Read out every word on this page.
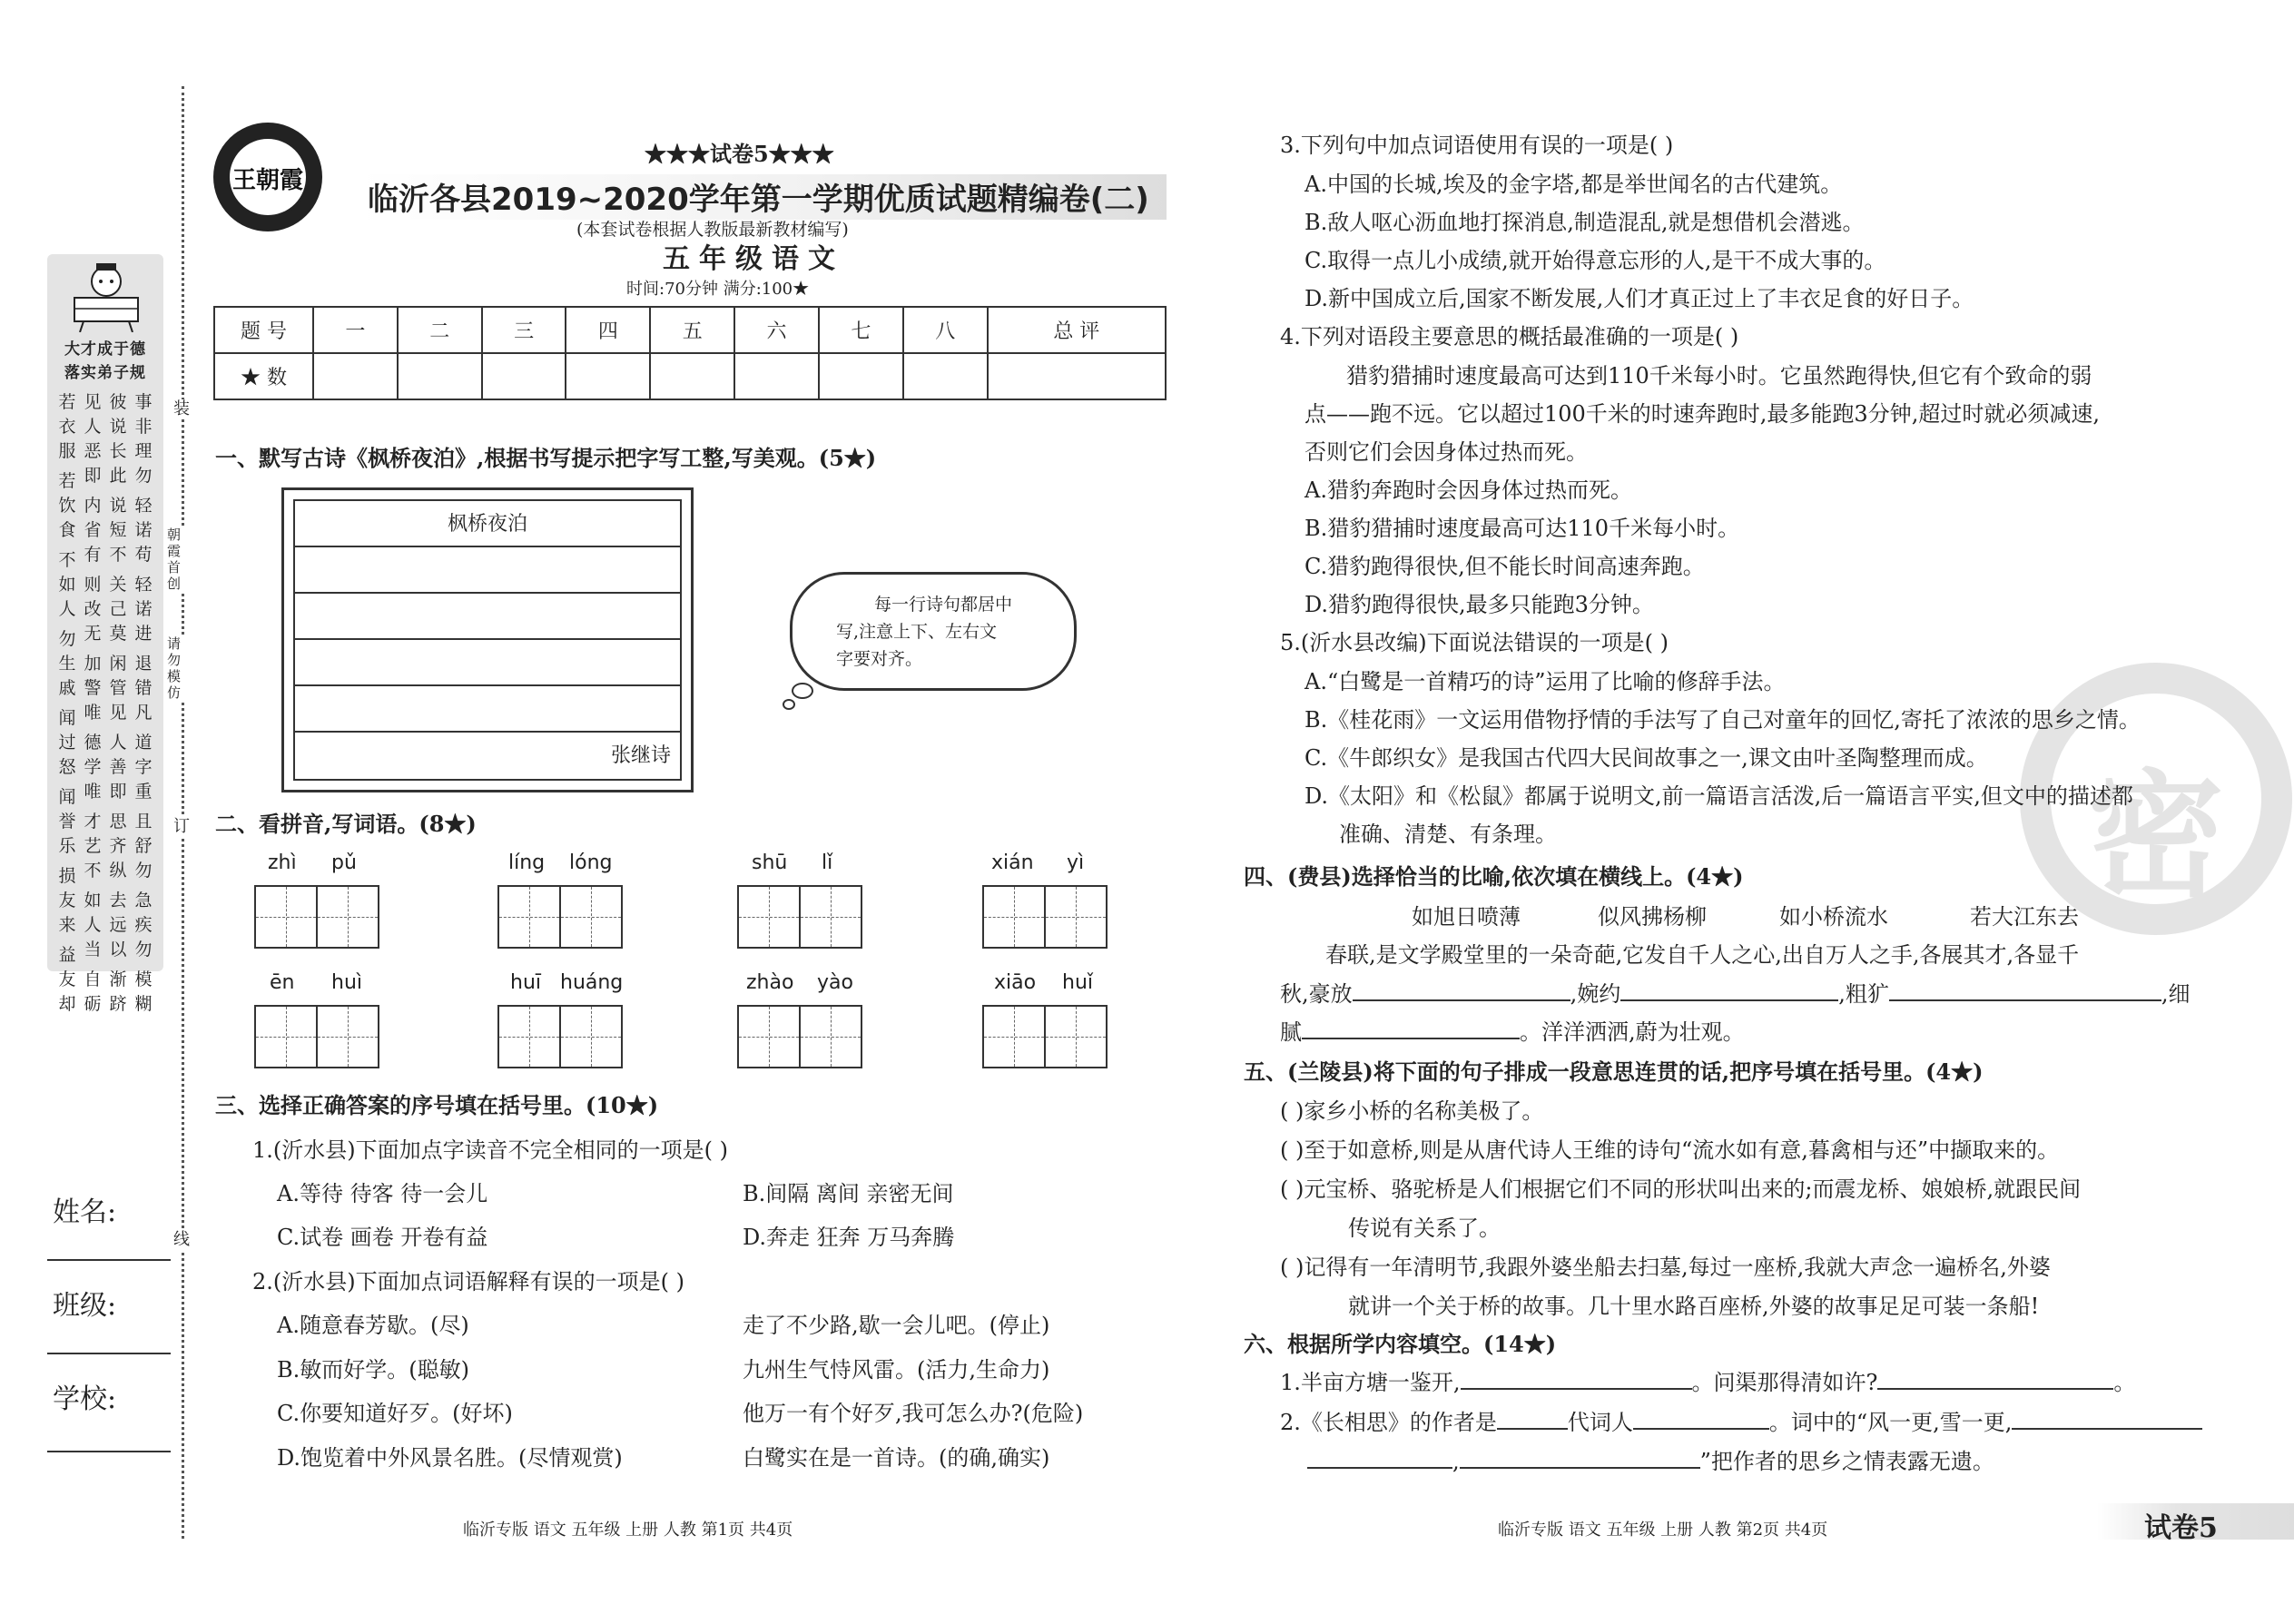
装
订
线
朝霞首创
请勿模仿
大才成于德
落实弟子规
若 见 彼 事
衣 人 说 非
服 恶 长 理
若 即 此 勿
饮 内 说 轻
食 省 短 诺
不 有 不 苟
如 则 关 轻
人 改 己 诺
勿 无 莫 进
生 加 闲 退
戚 警 管 错
闻 唯 见 凡
过 德 人 道
怒 学 善 字
闻 唯 即 重
誉 才 思 且
乐 艺 齐 舒
损 不 纵 勿
友 如 去 急
来 人 远 疾
益 当 以 勿
友 自 渐 模
却 砺 跻 糊
姓名:
班级:
学校:
王朝霞
★★★试卷5★★★
临沂各县2019~2020学年第一学期优质试题精编卷(二)
(本套试卷根据人教版最新教材编写)
五年级语文
时间:70分钟 满分:100★
题 号	一	二	三	四	五	六	七	八	总 评
★ 数									
一、默写古诗《枫桥夜泊》,根据书写提示把字写工整,写美观。(5★)
枫桥夜泊
张继诗
每一行诗句都居中
写,注意上下、左右文
字要对齐。
二、看拼音,写词语。(8★)
zhì pǔ	líng lóng	shū lǐ	xián yì
ēn huì	huī huáng	zhào yào	xiāo huǐ
三、选择正确答案的序号填在括号里。(10★)
1.(沂水县)下面加点字读音不完全相同的一项是( )
A.等待 待客 待一会儿	B.间隔 离间 亲密无间
C.试卷 画卷 开卷有益	D.奔走 狂奔 万马奔腾
2.(沂水县)下面加点词语解释有误的一项是( )
A.随意春芳歇。(尽)	走了不少路,歇一会儿吧。(停止)
B.敏而好学。(聪敏)	九州生气恃风雷。(活力,生命力)
C.你要知道好歹。(好坏)	他万一有个好歹,我可怎么办?(危险)
D.饱览着中外风景名胜。(尽情观赏)	白鹭实在是一首诗。(的确,确实)
临沂专版 语文 五年级 上册 人教 第1页 共4页
密
3.下列句中加点词语使用有误的一项是( )
A.中国的长城,埃及的金字塔,都是举世闻名的古代建筑。
B.敌人呕心沥血地打探消息,制造混乱,就是想借机会潜逃。
C.取得一点儿小成绩,就开始得意忘形的人,是干不成大事的。
D.新中国成立后,国家不断发展,人们才真正过上了丰衣足食的好日子。
4.下列对语段主要意思的概括最准确的一项是( )
猎豹猎捕时速度最高可达到110千米每小时。它虽然跑得快,但它有个致命的弱
点——跑不远。它以超过100千米的时速奔跑时,最多能跑3分钟,超过时就必须减速,
否则它们会因身体过热而死。
A.猎豹奔跑时会因身体过热而死。
B.猎豹猎捕时速度最高可达110千米每小时。
C.猎豹跑得很快,但不能长时间高速奔跑。
D.猎豹跑得很快,最多只能跑3分钟。
5.(沂水县改编)下面说法错误的一项是( )
A.“白鹭是一首精巧的诗”运用了比喻的修辞手法。
B.《桂花雨》一文运用借物抒情的手法写了自己对童年的回忆,寄托了浓浓的思乡之情。
C.《牛郎织女》是我国古代四大民间故事之一,课文由叶圣陶整理而成。
D.《太阳》和《松鼠》都属于说明文,前一篇语言活泼,后一篇语言平实,但文中的描述都
准确、清楚、有条理。
四、(费县)选择恰当的比喻,依次填在横线上。(4★)
如旭日喷薄	似风拂杨柳	如小桥流水	若大江东去
春联,是文学殿堂里的一朵奇葩,它发自千人之心,出自万人之手,各展其才,各显千
秋,豪放	,婉约	,粗犷	,细
腻	。洋洋洒洒,蔚为壮观。
五、(兰陵县)将下面的句子排成一段意思连贯的话,把序号填在括号里。(4★)
( )家乡小桥的名称美极了。
( )至于如意桥,则是从唐代诗人王维的诗句“流水如有意,暮禽相与还”中撷取来的。
( )元宝桥、骆驼桥是人们根据它们不同的形状叫出来的;而震龙桥、娘娘桥,就跟民间
传说有关系了。
( )记得有一年清明节,我跟外婆坐船去扫墓,每过一座桥,我就大声念一遍桥名,外婆
就讲一个关于桥的故事。几十里水路百座桥,外婆的故事足足可装一条船!
六、根据所学内容填空。(14★)
1.半亩方塘一鉴开,	。问渠那得清如许?	。
2.《长相思》的作者是	代词人	。词中的“风一更,雪一更,
,	”把作者的思乡之情表露无遗。
临沂专版 语文 五年级 上册 人教 第2页 共4页	试卷5
